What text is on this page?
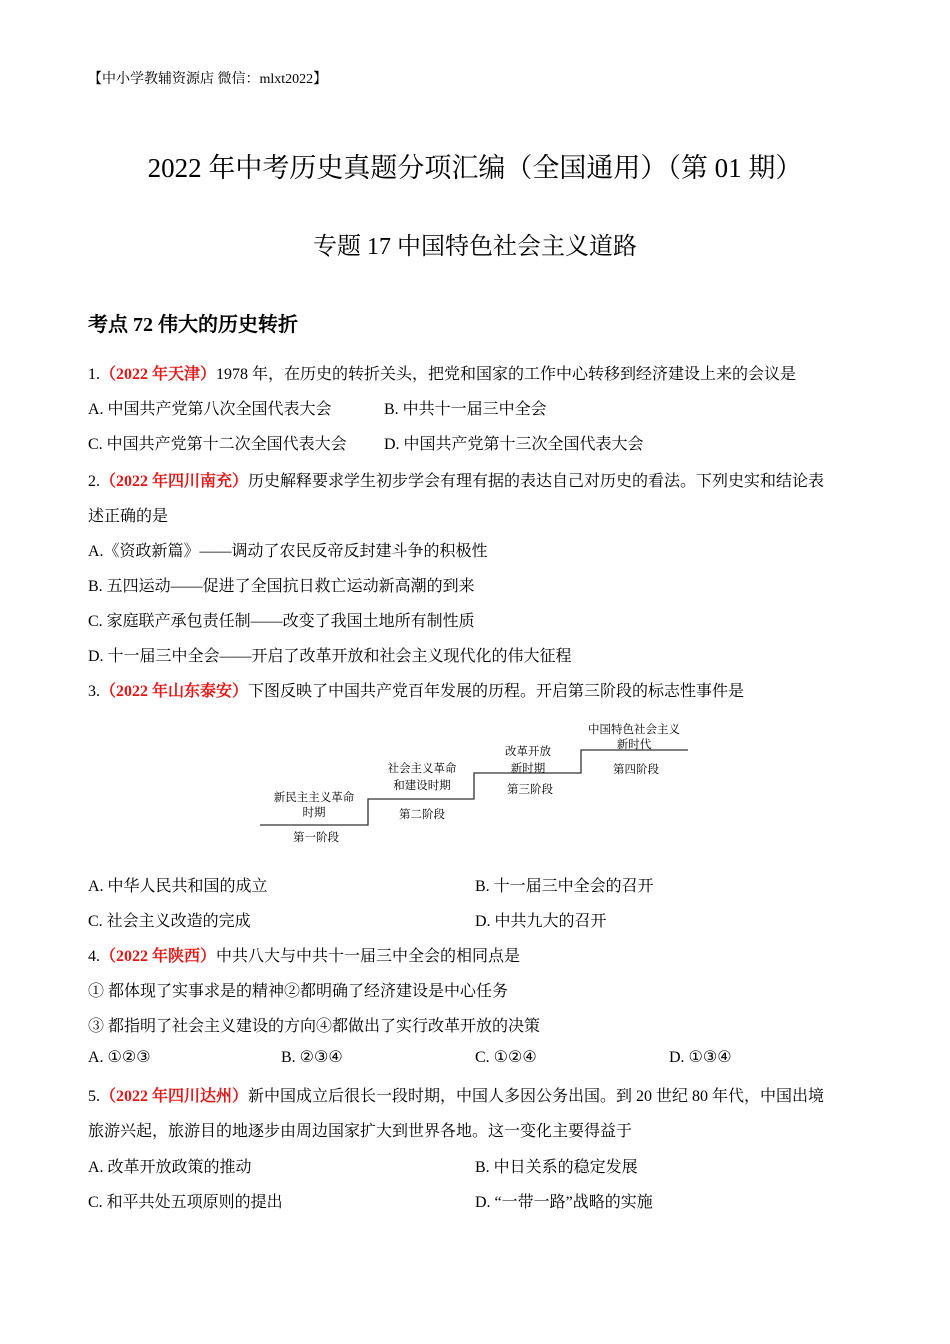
【中小学教辅资源店 微信：mlxt2022】
2022 年中考历史真题分项汇编（全国通用）（第 01 期）
专题 17 中国特色社会主义道路
考点 72 伟大的历史转折
1.（2022 年天津）1978 年，在历史的转折关头，把党和国家的工作中心转移到经济建设上来的会议是
A. 中国共产党第八次全国代表大会	B. 中共十一届三中全会
C. 中国共产党第十二次全国代表大会 D. 中国共产党第十三次全国代表大会
2.（2022 年四川南充）历史解释要求学生初步学会有理有据的表达自己对历史的看法。下列史实和结论表
述正确的是
A.《资政新篇》——调动了农民反帝反封建斗争的积极性
B. 五四运动——促进了全国抗日救亡运动新高潮的到来
C. 家庭联产承包责任制——改变了我国土地所有制性质
D. 十一届三中全会——开启了改革开放和社会主义现代化的伟大征程
3.（2022 年山东泰安）下图反映了中国共产党百年发展的历程。开启第三阶段的标志性事件是
新民主主义革命
时期
第一阶段
社会主义革命
和建设时期
第二阶段
改革开放
新时期
第三阶段
中国特色社会主义
新时代
第四阶段
A. 中华人民共和国的成立	B. 十一届三中全会的召开
C. 社会主义改造的完成	D. 中共九大的召开
4.（2022 年陕西）中共八大与中共十一届三中全会的相同点是
① 都体现了实事求是的精神②都明确了经济建设是中心任务
③ 都指明了社会主义建设的方向④都做出了实行改革开放的决策
A. ①②③	B. ②③④	C. ①②④	D. ①③④
5.（2022 年四川达州）新中国成立后很长一段时期，中国人多因公务出国。到 20 世纪 80 年代，中国出境
旅游兴起，旅游目的地逐步由周边国家扩大到世界各地。这一变化主要得益于
A. 改革开放政策的推动	B. 中日关系的稳定发展
C. 和平共处五项原则的提出	D. “一带一路”战略的实施
